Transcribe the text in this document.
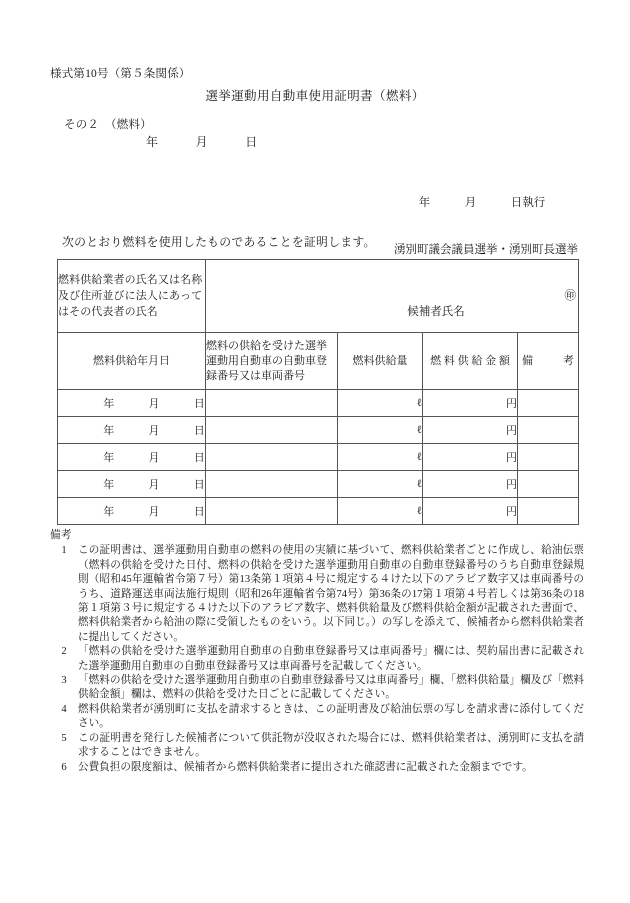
様式第10号（第５条関係）

その２　（燃料）

選挙運動用自動車使用証明書（燃料）
年　　　月　　　日

年　　　月　　　日執行

湧別町議会議員選挙・湧別町長選挙

候補者氏名

㊞

次のとおり燃料を使用したものであることを証明します。
燃料供給業者の氏名又は名称及び住所並びに法人にあってはその代表者の氏名				
燃料供給年月日	燃料の供給を受けた選挙運動用自動車の自動車登録番号又は車両番号	燃料供給量	燃 料 供 給 金 額	備 考

年　　　月　　　日		ℓ	円	
年　　　月　　　日		ℓ	円	
年　　　月　　　日		ℓ	円	
年　　　月　　　日		ℓ	円	
年　　　月　　　日		ℓ	円	
備考
1	この証明書は、選挙運動用自動車の燃料の使用の実績に基づいて、燃料供給業者ごとに作成し、給油伝票（燃料の供給を受けた日付、燃料の供給を受けた選挙運動用自動車の自動車登録番号のうち自動車登録規則（昭和45年運輸省令第７号）第13条第１項第４号に規定する４けた以下のアラビア数字又は車両番号のうち、道路運送車両法施行規則（昭和26年運輸省令第74号）第36条の17第１項第４号若しくは第36条の18第１項第３号に規定する４けた以下のアラビア数字、燃料供給量及び燃料供給金額が記載された書面で、燃料供給業者から給油の際に受領したものをいう。以下同じ。）の写しを添えて、候補者から燃料供給業者に提出してください。
2	「燃料の供給を受けた選挙運動用自動車の自動車登録番号又は車両番号」欄には、契約届出書に記載された選挙運動用自動車の自動車登録番号又は車両番号を記載してください。
3	「燃料の供給を受けた選挙運動用自動車の自動車登録番号又は車両番号」欄、「燃料供給量」欄及び「燃料供給金額」欄は、燃料の供給を受けた日ごとに記載してください。
4	燃料供給業者が湧別町に支払を請求するときは、この証明書及び給油伝票の写しを請求書に添付してください。
5	この証明書を発行した候補者について供託物が没収された場合には、燃料供給業者は、湧別町に支払を請求することはできません。
6	公費負担の限度額は、候補者から燃料供給業者に提出された確認書に記載された金額までです。
